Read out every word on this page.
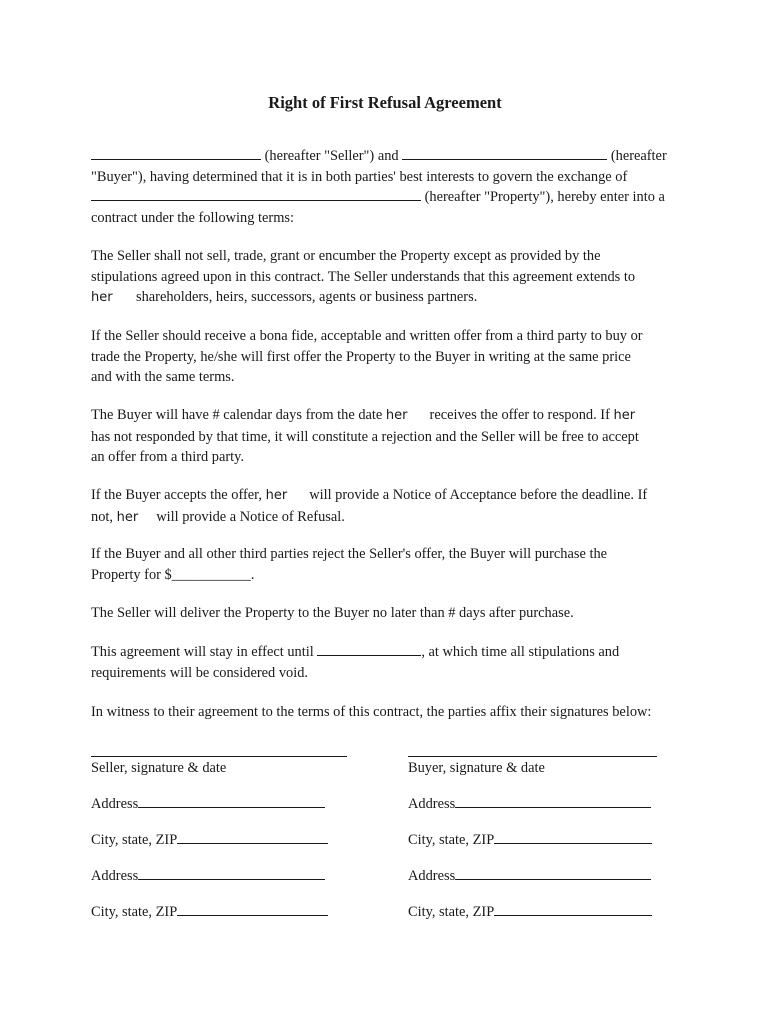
Right of First Refusal Agreement
(hereafter "Seller") and	(hereafter
"Buyer"), having determined that it is in both parties' best interests to govern the exchange of
(hereafter "Property"), hereby enter into a
contract under the following terms:
The Seller shall not sell, trade, grant or encumber the Property except as provided by the
stipulations agreed upon in this contract. The Seller understands that this agreement extends to
her shareholders, heirs, successors, agents or business partners.
If the Seller should receive a bona fide, acceptable and written offer from a third party to buy or
trade the Property, he/she will first offer the Property to the Buyer in writing at the same price
and with the same terms.
The Buyer will have # calendar days from the date her receives the offer to respond. If her
has not responded by that time, it will constitute a rejection and the Seller will be free to accept
an offer from a third party.
If the Buyer accepts the offer, her will provide a Notice of Acceptance before the deadline. If
not, her will provide a Notice of Refusal.
If the Buyer and all other third parties reject the Seller's offer, the Buyer will purchase the
Property for $___________.
The Seller will deliver the Property to the Buyer no later than # days after purchase.
This agreement will stay in effect until	, at which time all stipulations and
requirements will be considered void.
In witness to their agreement to the terms of this contract, the parties affix their signatures below:
Seller, signature & date	Buyer, signature & date
Address	Address
City, state, ZIP	City, state, ZIP
Address	Address
City, state, ZIP	City, state, ZIP
